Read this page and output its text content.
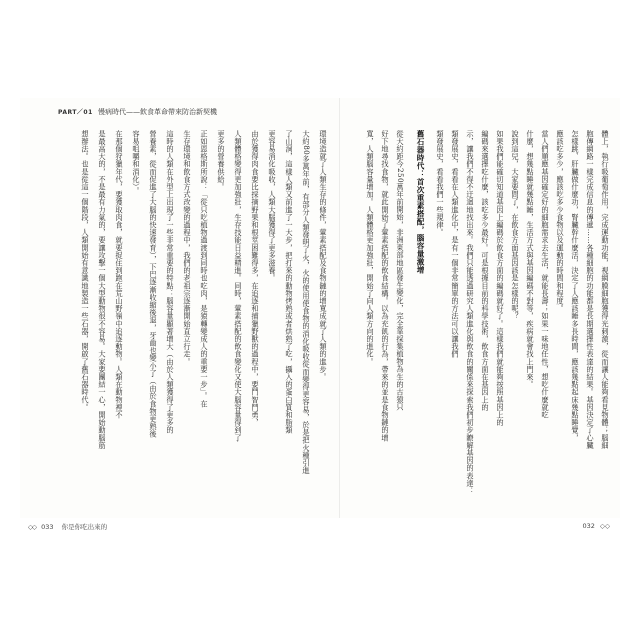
PART／01 慢病時代——飲食革命帶來防治新契機
環境造就了人類生存的條件，葷素搭配及食物鏈的增寬成就了人類的進步。
大約80多萬年前，有部分人類發明了火，火的使用使食物的消化吸收從而變得更容易，於是把火種引進
了山洞，這樣人類又前進了一大步，把打來的動物烤熟或者烘熟了吃，攝入的蛋白質和脂類
更容易消化吸收，人類大腦獲得了更多滋養。
由於獲得肉食要比採摘野果和根莖困難得多，在追逐和捕獵野獸的過程中，要鬥智鬥勇，
人類體格變得更加強壯，生存技能日益精進。同時，葷素搭配的飲食變化又使大腦容量得到了
更多的營養供給。
正如恩格斯所說：「從只吃植物過渡到同時也吃肉，是猿轉變成人的重要一步」。在
生存環境和飲食方式改變的過程中，我們的老祖宗逐漸開始直立行走。
這時的人類在外型上出現了一些非常重要的特點：腦容量顯著增大（由於人類獲得了更多的
營養素，從而促進了大腦的快速發育），下巴逐漸收縮後退，牙齒也變小了（由於食物更熟後
容易咀嚼和消化）。
在那個狩獵年代，要獲取肉食，就要捉住到跑在荒山野嶺中追逐動物。人類在動物裡不
是最高大的，不是最有力氣的，要讓攻擊一個大型動物很不容易。大家要團結一心，開始動腦筋
想辦法。也是從這一個階段，人類開始有意識地製造一些石器，開啟了舊石器時代。	體上，執行吸葡萄作用，完成運動功能，視網膜細胞獲得光刺激，從而讓人能夠看見物體；腦細
胞傳網路一樣完成信息的傳遞……各種細胞的功能都是長期選擇性表達的結果。基因決定了心臟
怎樣跳、肝臟做什麼功，腎臟幹什麼活，決定了人應該睡多長時間，應該幾點起床幾點睡覺，
應該吃多少，應該吃多少食物以及運動的時間和程度。
當人們順應基因確定好的細胞需求去生活，就能長壽；如果一味地任性，想吃什麼就吃
什麼，想幾點睡就幾點睡，生活方式與基因編碼不對等，疾病就會找上門來。
說到這兒，大家要問了，在飲食方面基因該是怎樣的呢？
如果我們能確切知道基因上編碼於飲食方面的編碼就好了。這樣我們就能夠按照基因上的
編碼來選擇吃什麼，該吃多少最好。可是根據目前的科學技術，飲食方面在基因上的
示，讓我們不得不迂迴地找出來。我們只能透過研究人類進化與飲食的關係來探索我們初步瞭解基因的表達：
類發展史，看看在人類進化中，是有一個非常簡單的方法可以讓我們
類發展史，看看我們一些規律。
舊石器時代：首次重素搭配，腦容量激增
從大約距今250萬年前開始，非洲東部地區發生變化，完全靠採集植物為生的古猿只
好下地尋找食物，就此開始了葷素搭配的飲食結構。以為充飢的行為，帶來的並是食物鏈的增
寬，人類腦容量增加。人類體格更加強壯，開始了向人類方向的進化。
◇◇ 033 你是你吃出來的	032 ◇◇
